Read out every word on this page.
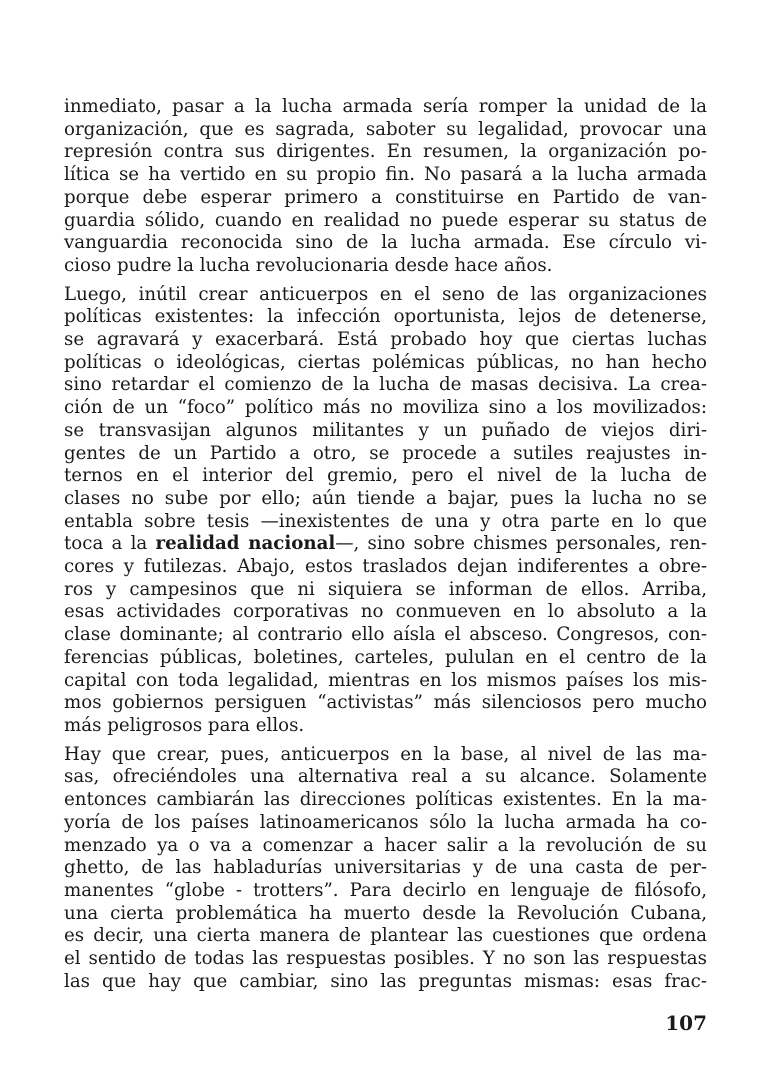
inmediato, pasar a la lucha armada sería romper la unidad de la
organización, que es sagrada, saboter su legalidad, provocar una
represión contra sus dirigentes. En resumen, la organización po-
lítica se ha vertido en su propio fin. No pasará a la lucha armada
porque debe esperar primero a constituirse en Partido de van-
guardia sólido, cuando en realidad no puede esperar su status de
vanguardia reconocida sino de la lucha armada. Ese círculo vi-
cioso pudre la lucha revolucionaria desde hace años.

Luego, inútil crear anticuerpos en el seno de las organizaciones
políticas existentes: la infección oportunista, lejos de detenerse,
se agravará y exacerbará. Está probado hoy que ciertas luchas
políticas o ideológicas, ciertas polémicas públicas, no han hecho
sino retardar el comienzo de la lucha de masas decisiva. La crea-
ción de un “foco” político más no moviliza sino a los movilizados:
se transvasijan algunos militantes y un puñado de viejos diri-
gentes de un Partido a otro, se procede a sutiles reajustes in-
ternos en el interior del gremio, pero el nivel de la lucha de
clases no sube por ello; aún tiende a bajar, pues la lucha no se
entabla sobre tesis —inexistentes de una y otra parte en lo que
toca a la realidad nacional—, sino sobre chismes personales, ren-
cores y futilezas. Abajo, estos traslados dejan indiferentes a obre-
ros y campesinos que ni siquiera se informan de ellos. Arriba,
esas actividades corporativas no conmueven en lo absoluto a la
clase dominante; al contrario ello aísla el absceso. Congresos, con-
ferencias públicas, boletines, carteles, pululan en el centro de la
capital con toda legalidad, mientras en los mismos países los mis-
mos gobiernos persiguen “activistas” más silenciosos pero mucho
más peligrosos para ellos.

Hay que crear, pues, anticuerpos en la base, al nivel de las ma-
sas, ofreciéndoles una alternativa real a su alcance. Solamente
entonces cambiarán las direcciones políticas existentes. En la ma-
yoría de los países latinoamericanos sólo la lucha armada ha co-
menzado ya o va a comenzar a hacer salir a la revolución de su
ghetto, de las habladurías universitarias y de una casta de per-
manentes “globe - trotters”. Para decirlo en lenguaje de filósofo,
una cierta problemática ha muerto desde la Revolución Cubana,
es decir, una cierta manera de plantear las cuestiones que ordena
el sentido de todas las respuestas posibles. Y no son las respuestas
las que hay que cambiar, sino las preguntas mismas: esas frac-

107
